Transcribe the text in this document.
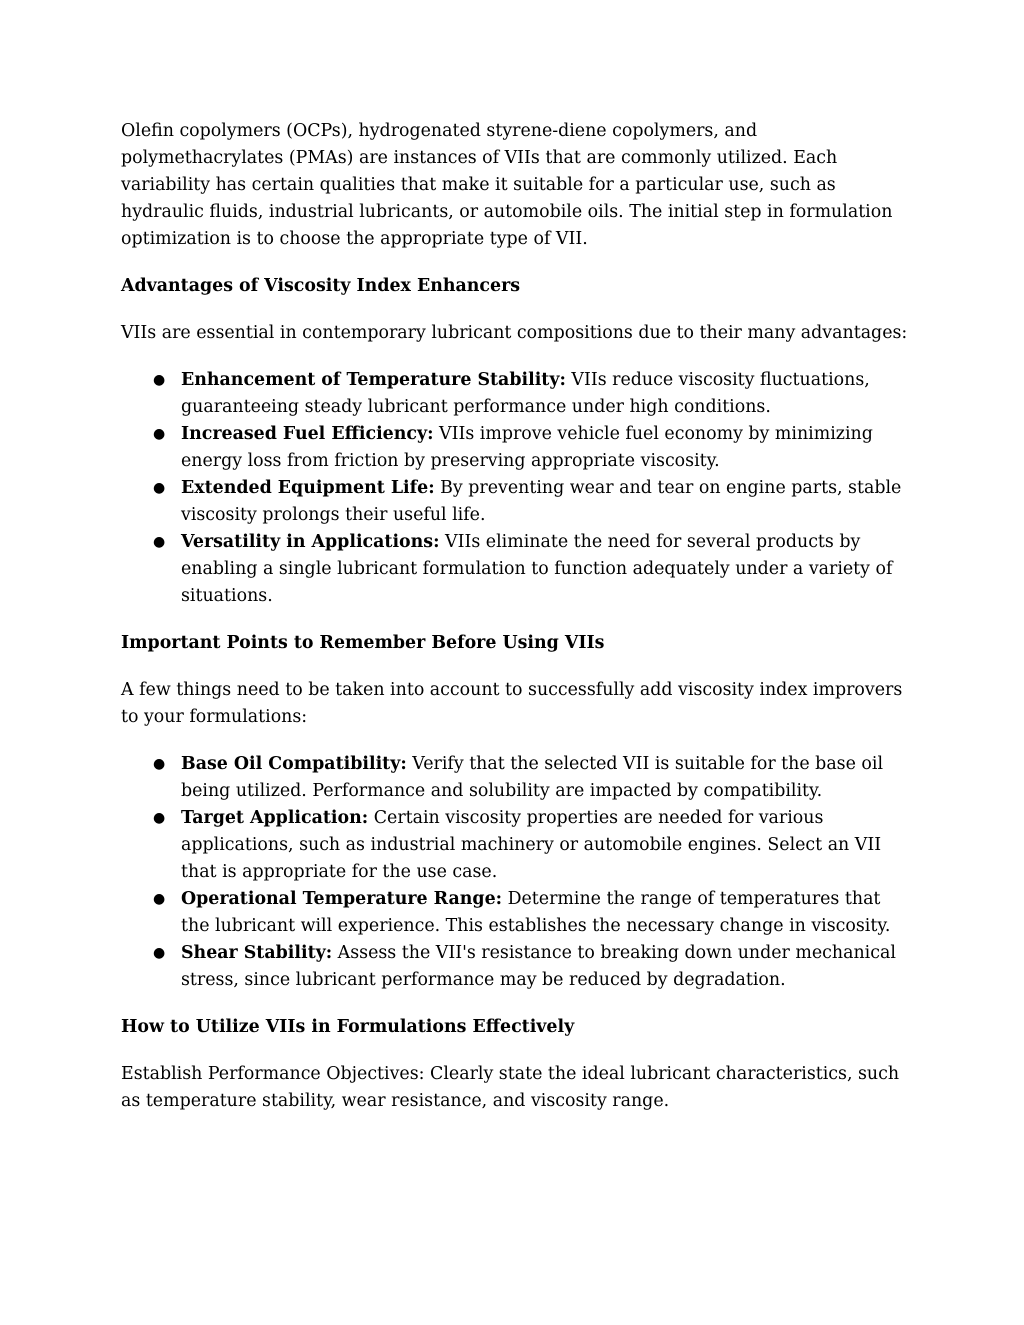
Olefin copolymers (OCPs), hydrogenated styrene-diene copolymers, and polymethacrylates (PMAs) are instances of VIIs that are commonly utilized. Each variability has certain qualities that make it suitable for a particular use, such as hydraulic fluids, industrial lubricants, or automobile oils. The initial step in formulation optimization is to choose the appropriate type of VII.

Advantages of Viscosity Index Enhancers

VIIs are essential in contemporary lubricant compositions due to their many advantages:

● Enhancement of Temperature Stability: VIIs reduce viscosity fluctuations, guaranteeing steady lubricant performance under high conditions.
● Increased Fuel Efficiency: VIIs improve vehicle fuel economy by minimizing energy loss from friction by preserving appropriate viscosity.
● Extended Equipment Life: By preventing wear and tear on engine parts, stable viscosity prolongs their useful life.
● Versatility in Applications: VIIs eliminate the need for several products by enabling a single lubricant formulation to function adequately under a variety of situations.

Important Points to Remember Before Using VIIs

A few things need to be taken into account to successfully add viscosity index improvers to your formulations:

● Base Oil Compatibility: Verify that the selected VII is suitable for the base oil being utilized. Performance and solubility are impacted by compatibility.
● Target Application: Certain viscosity properties are needed for various applications, such as industrial machinery or automobile engines. Select an VII that is appropriate for the use case.
● Operational Temperature Range: Determine the range of temperatures that the lubricant will experience. This establishes the necessary change in viscosity.
● Shear Stability: Assess the VII's resistance to breaking down under mechanical stress, since lubricant performance may be reduced by degradation.

How to Utilize VIIs in Formulations Effectively

Establish Performance Objectives: Clearly state the ideal lubricant characteristics, such as temperature stability, wear resistance, and viscosity range.
